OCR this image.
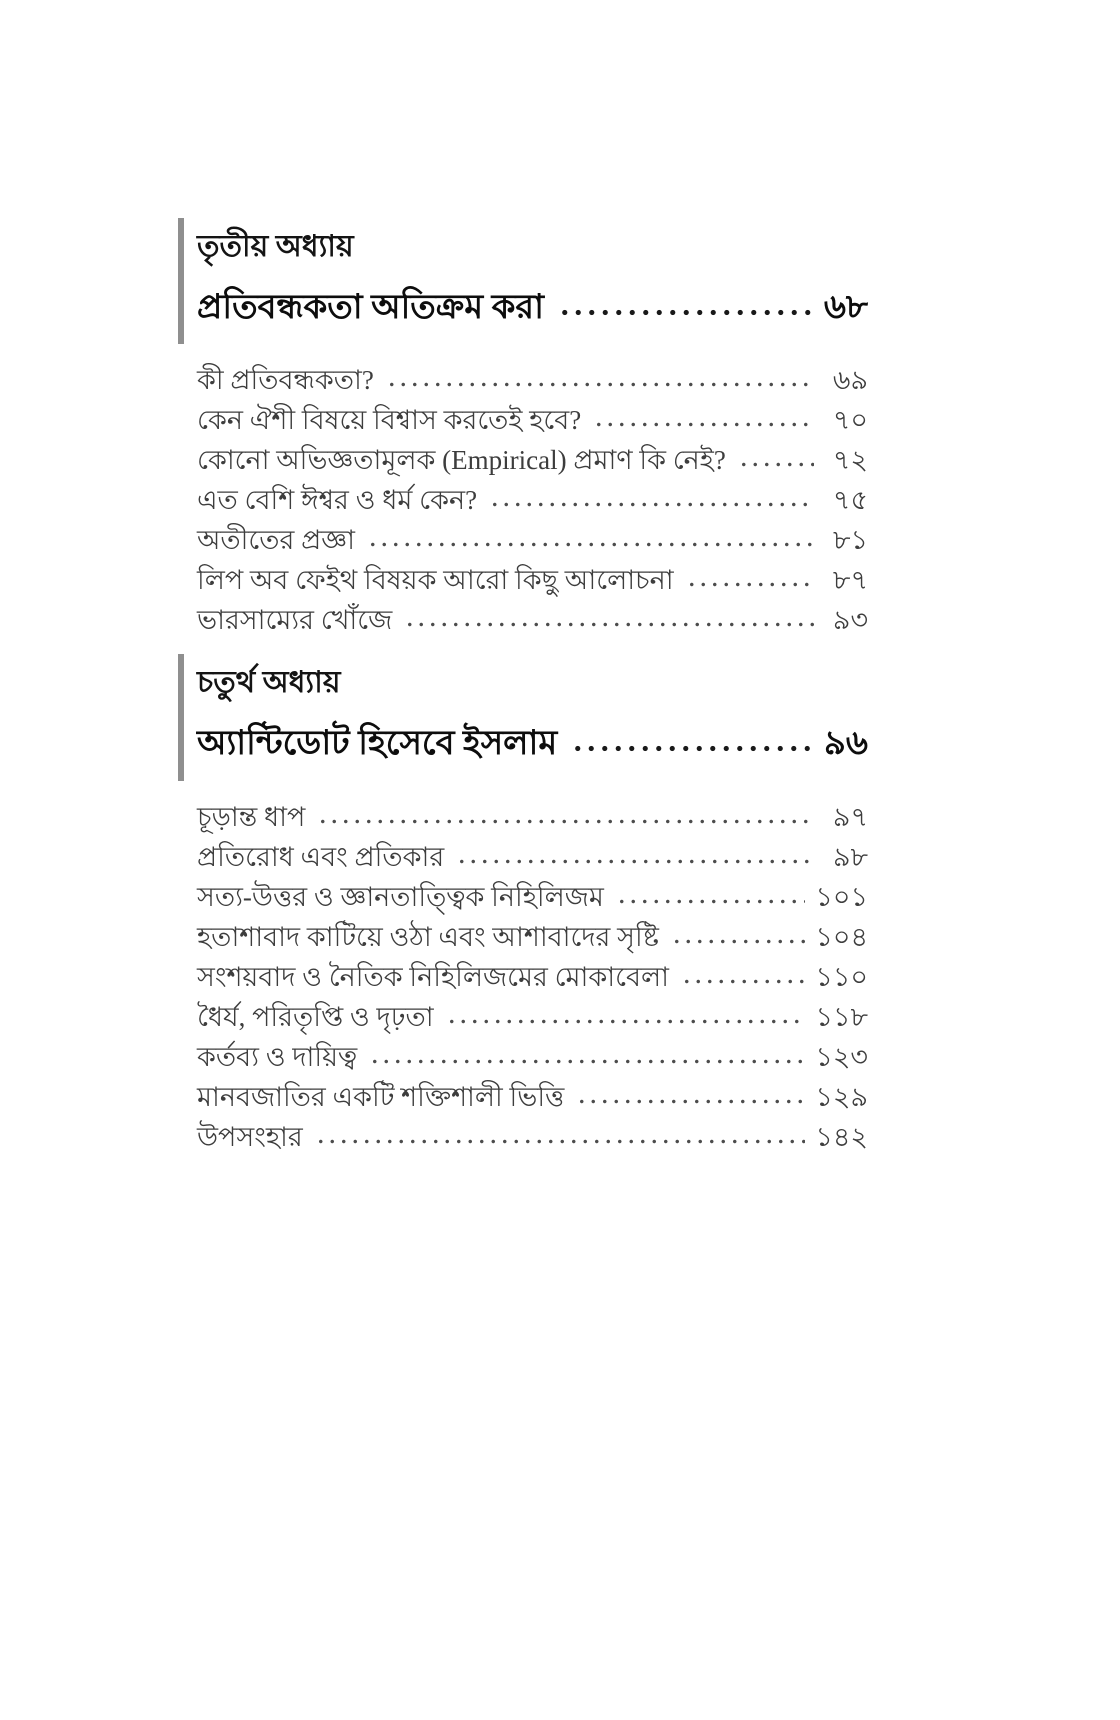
তৃতীয় অধ্যায়
প্রতিবন্ধকতা অতিক্রম করা	৬৮
কী প্রতিবন্ধকতা?	৬৯
কেন ঐশী বিষয়ে বিশ্বাস করতেই হবে?	৭০
কোনো অভিজ্ঞতামূলক (Empirical) প্রমাণ কি নেই?	৭২
এত বেশি ঈশ্বর ও ধর্ম কেন?	৭৫
অতীতের প্রজ্ঞা	৮১
লিপ অব ফেইথ বিষয়ক আরো কিছু আলোচনা	৮৭
ভারসাম্যের খোঁজে	৯৩
চতুর্থ অধ্যায়
অ্যান্টিডোট হিসেবে ইসলাম	৯৬
চূড়ান্ত ধাপ	৯৭
প্রতিরোধ এবং প্রতিকার	৯৮
সত্য-উত্তর ও জ্ঞানতাত্ত্বিক নিহিলিজম	১০১
হতাশাবাদ কাটিয়ে ওঠা এবং আশাবাদের সৃষ্টি	১০৪
সংশয়বাদ ও নৈতিক নিহিলিজমের মোকাবেলা	১১০
ধৈর্য, পরিতৃপ্তি ও দৃঢ়তা	১১৮
কর্তব্য ও দায়িত্ব	১২৩
মানবজাতির একটি শক্তিশালী ভিত্তি	১২৯
উপসংহার	১৪২
